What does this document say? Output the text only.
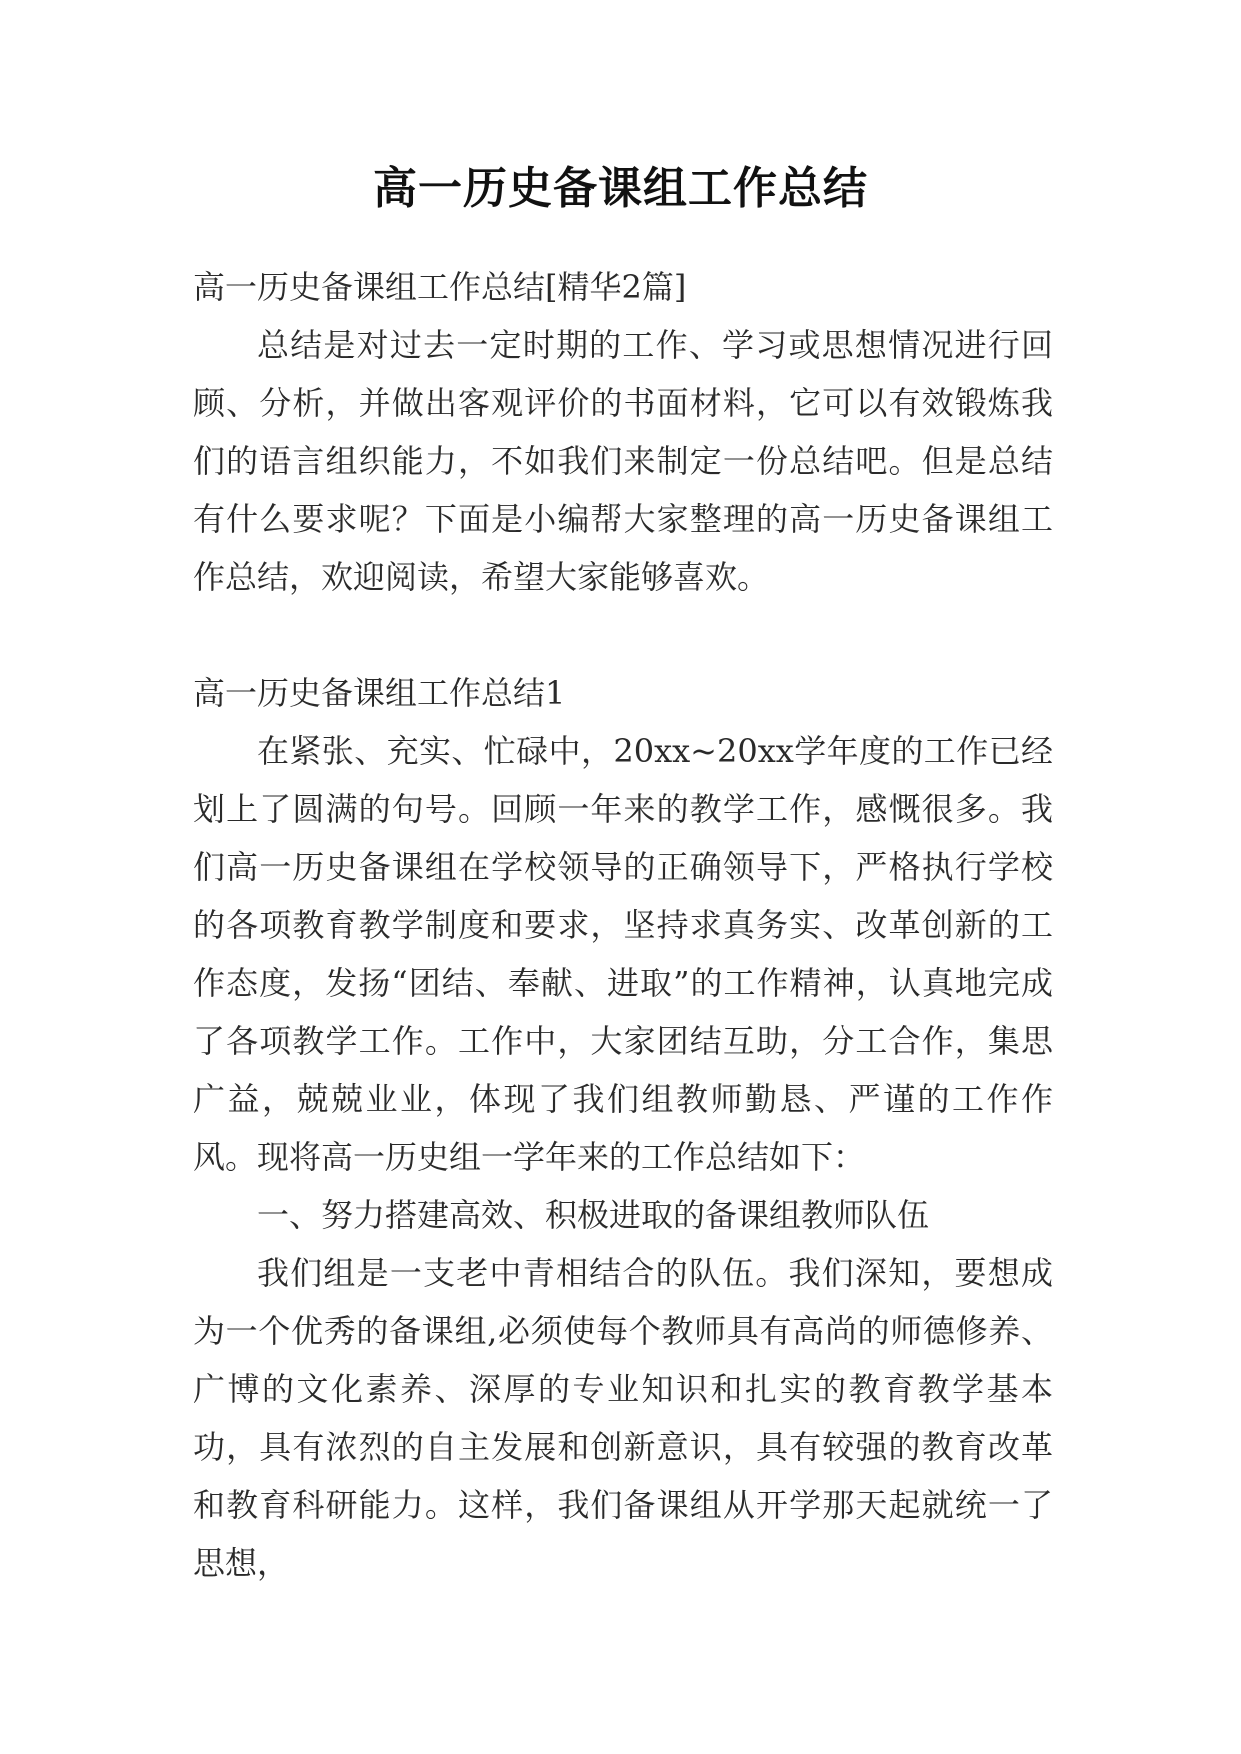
高一历史备课组工作总结

高一历史备课组工作总结[精华2篇]

总结是对过去一定时期的工作、学习或思想情况进行回顾、分析，并做出客观评价的书面材料，它可以有效锻炼我们的语言组织能力，不如我们来制定一份总结吧。但是总结有什么要求呢？下面是小编帮大家整理的高一历史备课组工作总结，欢迎阅读，希望大家能够喜欢。

高一历史备课组工作总结1

在紧张、充实、忙碌中，20xx~20xx学年度的工作已经划上了圆满的句号。回顾一年来的教学工作，感慨很多。我们高一历史备课组在学校领导的正确领导下，严格执行学校的各项教育教学制度和要求，坚持求真务实、改革创新的工作态度，发扬“团结、奉献、进取”的工作精神，认真地完成了各项教学工作。工作中，大家团结互助，分工合作，集思广益，兢兢业业，体现了我们组教师勤恳、严谨的工作作风。现将高一历史组一学年来的工作总结如下：

一、努力搭建高效、积极进取的备课组教师队伍

我们组是一支老中青相结合的队伍。我们深知，要想成为一个优秀的备课组,必须使每个教师具有高尚的师德修养、广博的文化素养、深厚的专业知识和扎实的教育教学基本功，具有浓烈的自主发展和创新意识，具有较强的教育改革和教育科研能力。这样，我们备课组从开学那天起就统一了思想，
